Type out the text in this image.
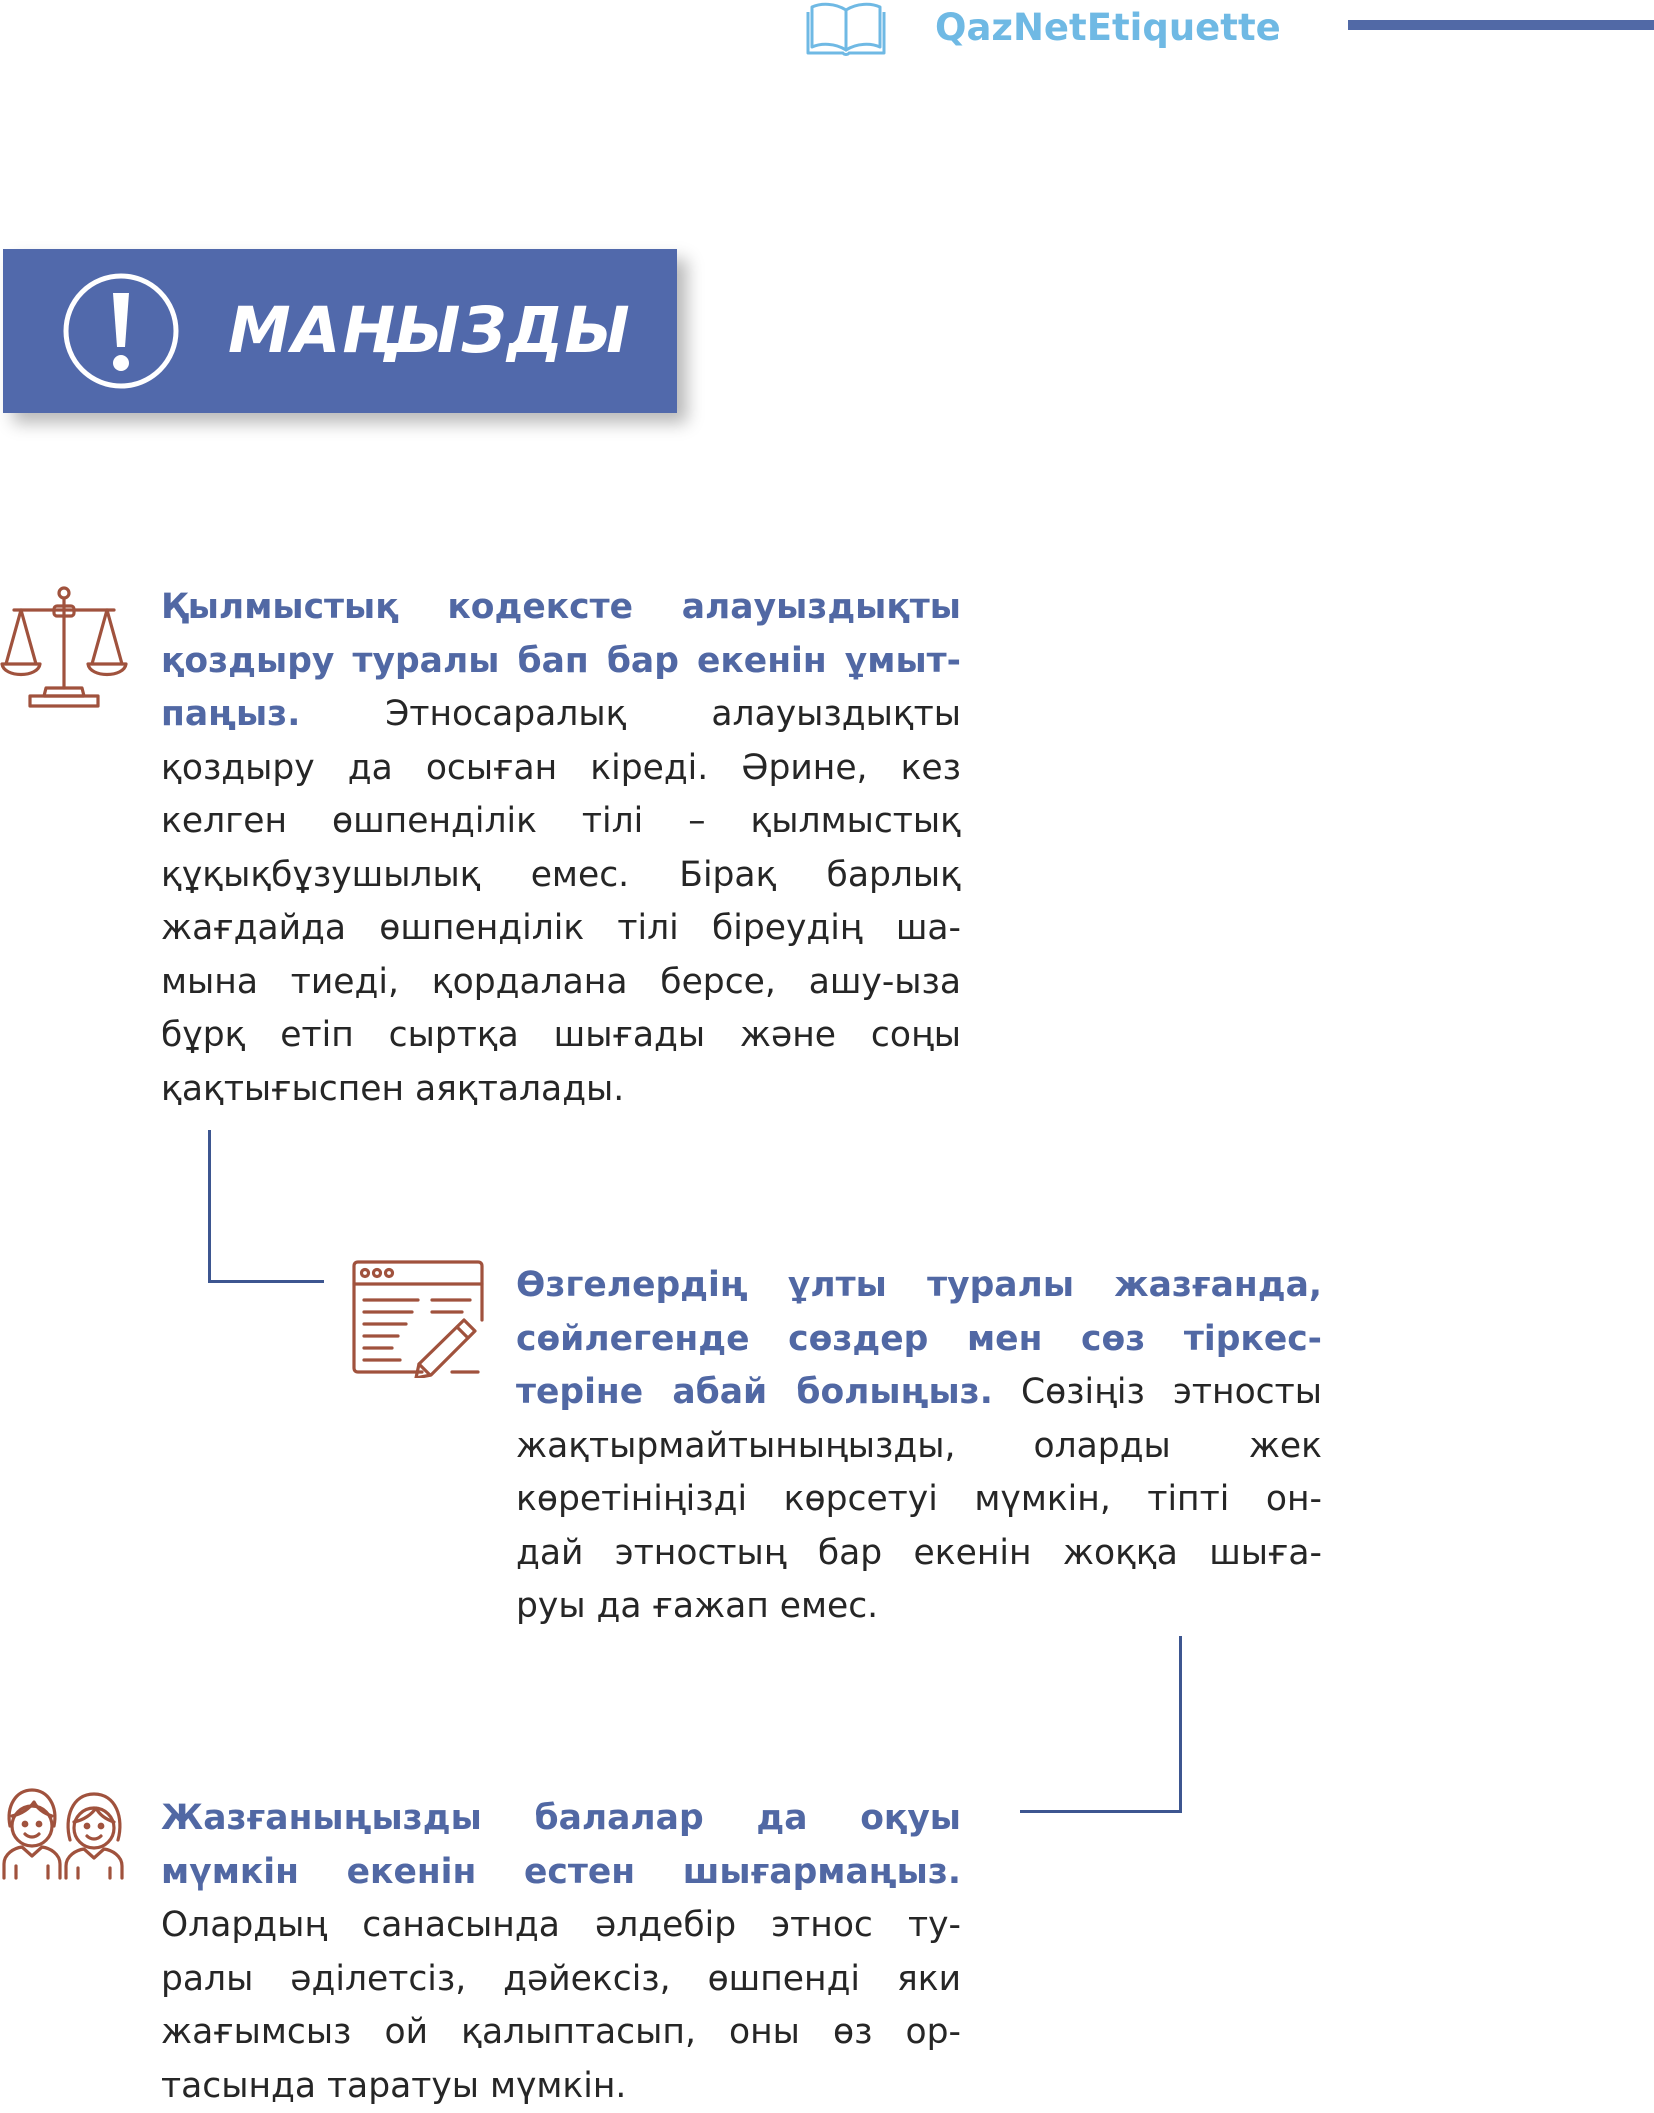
QazNetEtiquette
МАҢЫЗДЫ
Қылмыстық кодексте алауыздықты
қоздыру туралы бап бар екенін ұмыт-
паңыз. Этносаралық алауыздықты
қоздыру да осыған кіреді. Әрине, кез
келген өшпенділік тілі – қылмыстық
құқықбұзушылық емес. Бірақ барлық
жағдайда өшпенділік тілі біреудің ша-
мына тиеді, қордалана берсе, ашу-ыза
бұрқ етіп сыртқа шығады және соңы
қақтығыспен аяқталады.
Өзгелердің ұлты туралы жазғанда,
сөйлегенде сөздер мен сөз тіркес-
теріне абай болыңыз. Сөзіңіз этносты
жақтырмайтыныңызды, оларды жек
көретініңізді көрсетуі мүмкін, тіпті он-
дай этностың бар екенін жоққа шыға-
руы да ғажап емес.
Жазғаныңызды балалар да оқуы
мүмкін екенін естен шығармаңыз.
Олардың санасында әлдебір этнос ту-
ралы әділетсіз, дәйексіз, өшпенді яки
жағымсыз ой қалыптасып, оны өз ор-
тасында таратуы мүмкін.
